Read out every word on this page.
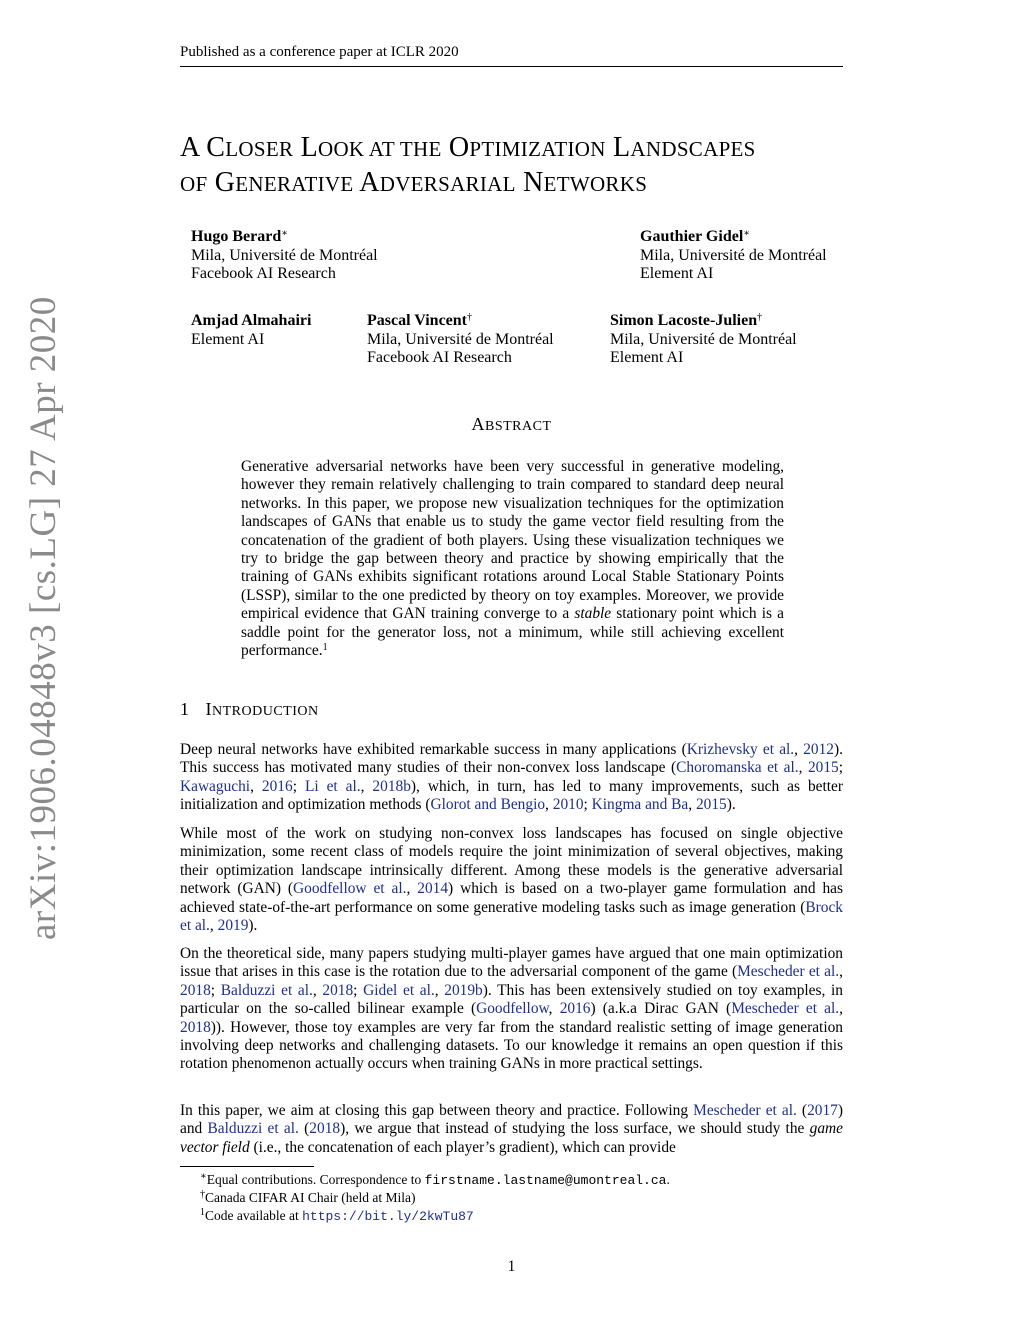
Published as a conference paper at ICLR 2020
A CLOSER LOOK AT THE OPTIMIZATION LANDSCAPES
OF GENERATIVE ADVERSARIAL NETWORKS
Hugo Berard∗
Mila, Université de Montréal
Facebook AI Research
Gauthier Gidel∗
Mila, Université de Montréal
Element AI
Amjad Almahairi
Element AI
Pascal Vincent†
Mila, Université de Montréal
Facebook AI Research
Simon Lacoste-Julien†
Mila, Université de Montréal
Element AI
ABSTRACT
Generative adversarial networks have been very successful in generative modeling, however they remain relatively challenging to train compared to standard deep neural networks. In this paper, we propose new visualization techniques for the optimization landscapes of GANs that enable us to study the game vector field resulting from the concatenation of the gradient of both players. Using these visualization techniques we try to bridge the gap between theory and practice by showing empirically that the training of GANs exhibits significant rotations around Local Stable Stationary Points (LSSP), similar to the one predicted by theory on toy examples. Moreover, we provide empirical evidence that GAN training converge to a stable stationary point which is a saddle point for the generator loss, not a minimum, while still achieving excellent performance.$^1$
1 INTRODUCTION
Deep neural networks have exhibited remarkable success in many applications (Krizhevsky et al., 2012). This success has motivated many studies of their non-convex loss landscape (Choromanska et al., 2015; Kawaguchi, 2016; Li et al., 2018b), which, in turn, has led to many improvements, such as better initialization and optimization methods (Glorot and Bengio, 2010; Kingma and Ba, 2015).
While most of the work on studying non-convex loss landscapes has focused on single objective minimization, some recent class of models require the joint minimization of several objectives, making their optimization landscape intrinsically different. Among these models is the generative adversarial network (GAN) (Goodfellow et al., 2014) which is based on a two-player game formulation and has achieved state-of-the-art performance on some generative modeling tasks such as image generation (Brock et al., 2019).
On the theoretical side, many papers studying multi-player games have argued that one main optimization issue that arises in this case is the rotation due to the adversarial component of the game (Mescheder et al., 2018; Balduzzi et al., 2018; Gidel et al., 2019b). This has been extensively studied on toy examples, in particular on the so-called bilinear example (Goodfellow, 2016) (a.k.a Dirac GAN (Mescheder et al., 2018)). However, those toy examples are very far from the standard realistic setting of image generation involving deep networks and challenging datasets. To our knowledge it remains an open question if this rotation phenomenon actually occurs when training GANs in more practical settings.
In this paper, we aim at closing this gap between theory and practice. Following Mescheder et al. (2017) and Balduzzi et al. (2018), we argue that instead of studying the loss surface, we should study the game vector field (i.e., the concatenation of each player’s gradient), which can provide
∗Equal contributions. Correspondence to firstname.lastname@umontreal.ca.
†Canada CIFAR AI Chair (held at Mila)
$^1$Code available at https://bit.ly/2kwTu87
1
arXiv:1906.04848v3 [cs.LG] 27 Apr 2020
